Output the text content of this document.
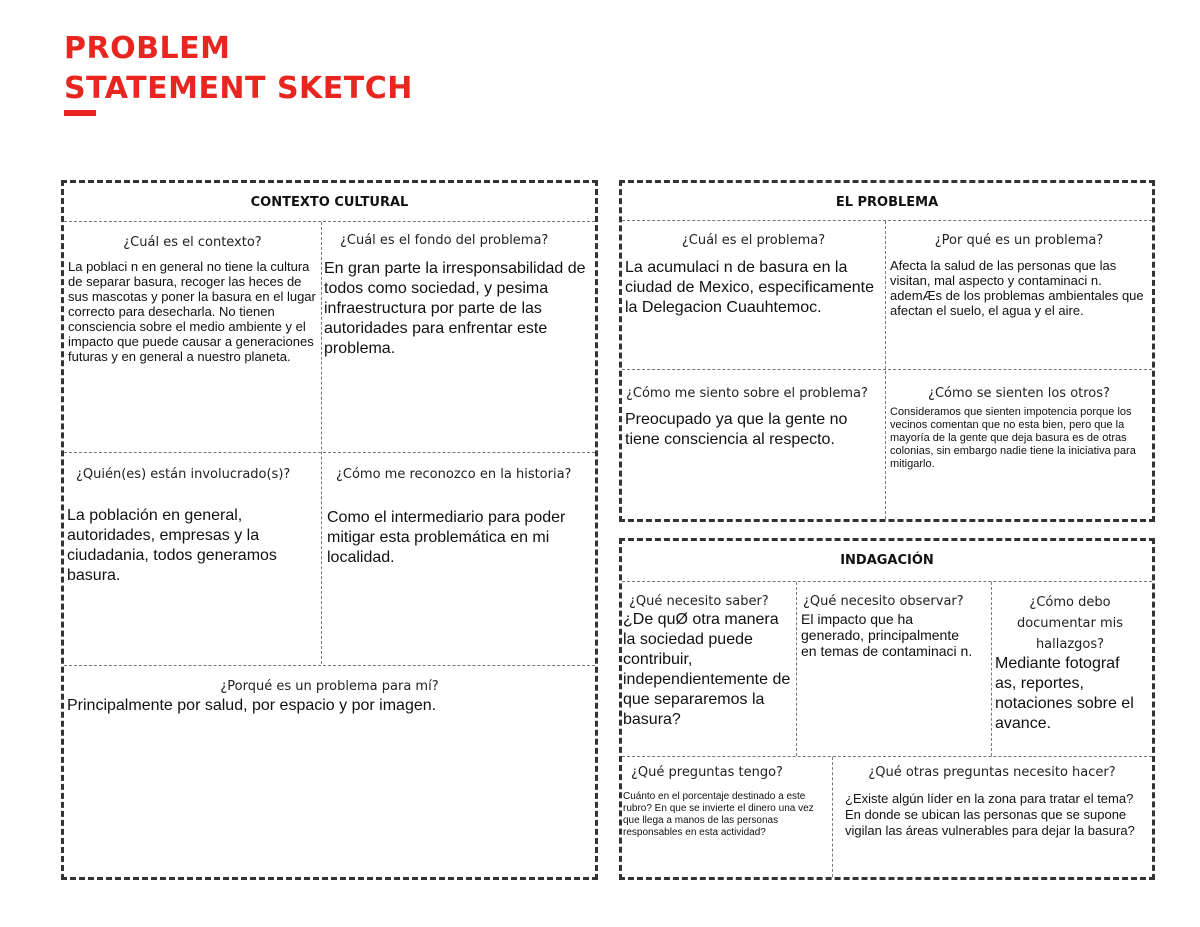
PROBLEM
STATEMENT SKETCH
CONTEXTO CULTURAL
¿Cuál es el contexto?
La poblaci n en general no tiene la cultura de separar basura, recoger las heces de sus mascotas y poner la basura en el lugar correcto para desecharla. No tienen consciencia sobre el medio ambiente y el impacto que puede causar a generaciones futuras y en general a nuestro planeta.
¿Cuál es el fondo del problema?
En gran parte la irresponsabilidad de todos como sociedad, y pesima infraestructura por parte de las autoridades para enfrentar este problema.
¿Quién(es) están involucrado(s)?
La población en general, autoridades, empresas y la ciudadania, todos generamos basura.
¿Cómo me reconozco en la historia?
Como el intermediario para poder mitigar esta problemática en mi localidad.
¿Porqué es un problema para mí?
Principalmente por salud, por espacio y por imagen.
EL PROBLEMA
¿Cuál es el problema?
La acumulaci n de basura en la ciudad de Mexico, especificamente la Delegacion Cuauhtemoc.
¿Por qué es un problema?
Afecta la salud de las personas que las visitan, mal aspecto y contaminaci n. ademÆs de los problemas ambientales que afectan el suelo, el agua y el aire.
¿Cómo me siento sobre el problema?
Preocupado ya que la gente no tiene consciencia al respecto.
¿Cómo se sienten los otros?
Consideramos que sienten impotencia porque los vecinos comentan que no esta bien, pero que la mayoría de la gente que deja basura es de otras colonias, sin embargo nadie tiene la iniciativa para mitigarlo.
INDAGACIÓN
¿Qué necesito saber?
¿De quØ otra manera la sociedad puede contribuir, independientemente de que separaremos la basura?
¿Qué necesito observar?
El impacto que ha generado, principalmente en temas de contaminaci n.
¿Cómo debo documentar mis hallazgos?
Mediante fotograf as, reportes, notaciones sobre el avance.
¿Qué preguntas tengo?
Cuánto en el porcentaje destinado a este rubro? En que se invierte el dinero una vez que llega a manos de las personas responsables en esta actividad?
¿Qué otras preguntas necesito hacer?
¿Existe algún líder en la zona para tratar el tema? En donde se ubican las personas que se supone vigilan las áreas vulnerables para dejar la basura?
